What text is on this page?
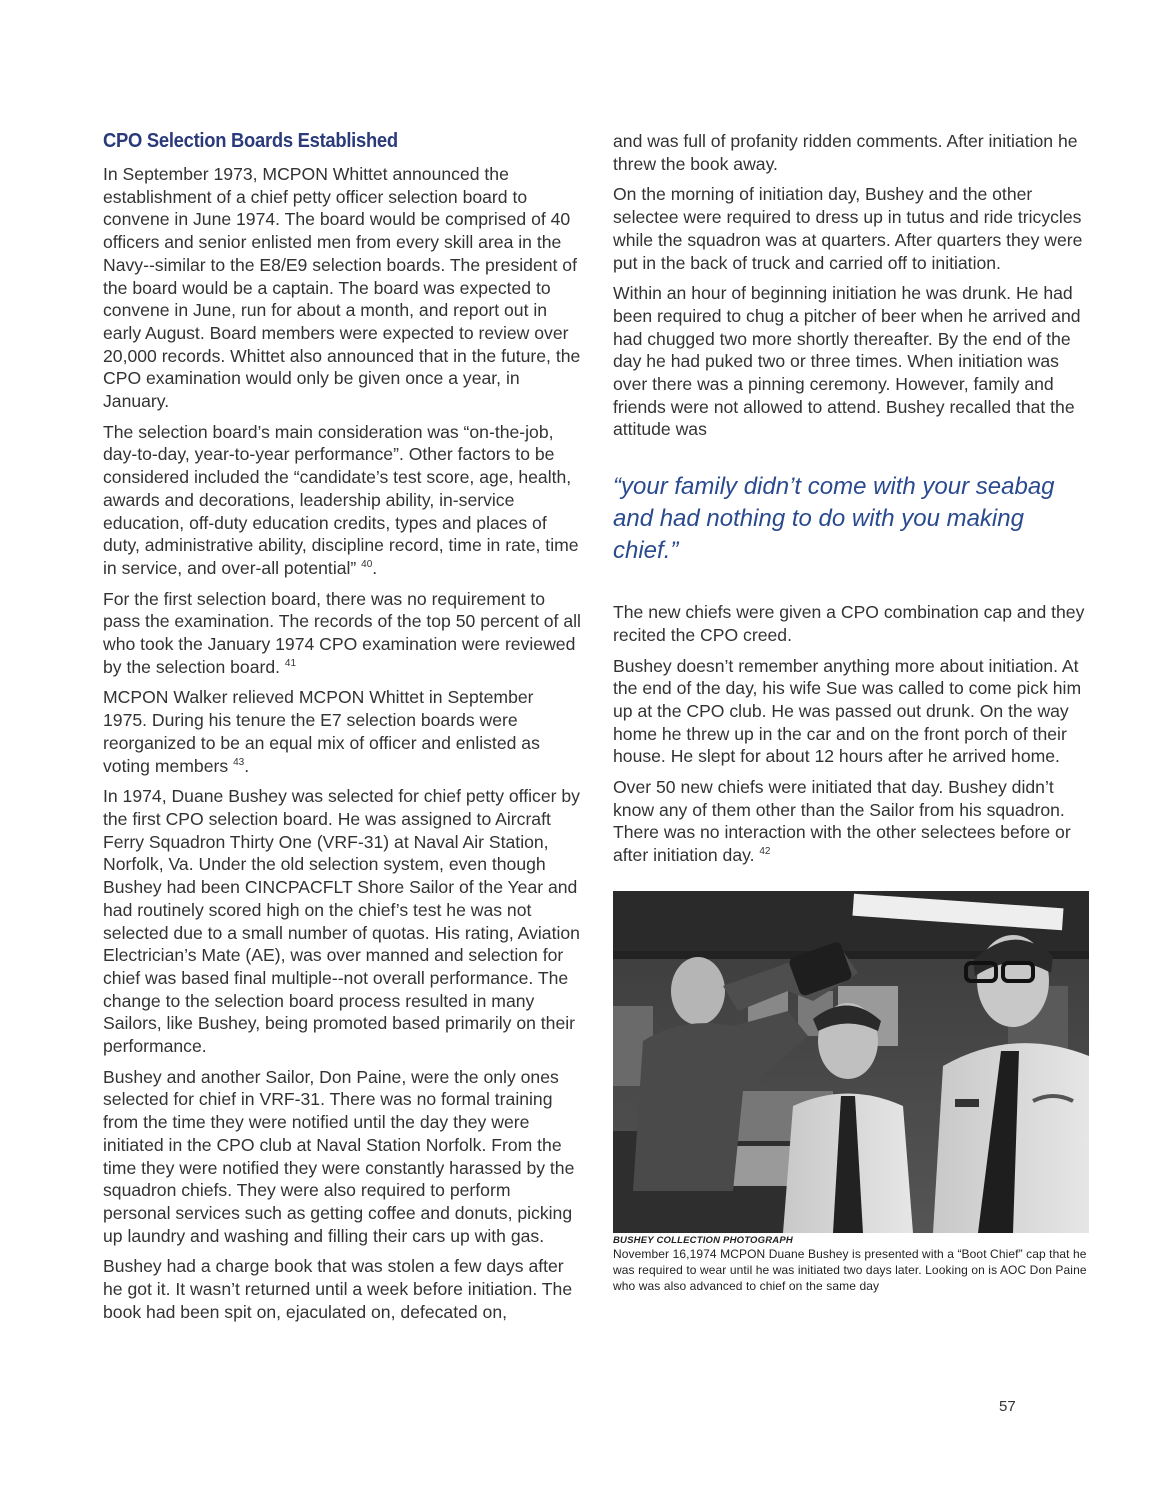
CPO Selection Boards Established

In September 1973, MCPON Whittet announced the establishment of a chief petty officer selection board to convene in June 1974. The board would be comprised of 40 officers and senior enlisted men from every skill area in the Navy--similar to the E8/E9 selection boards. The president of the board would be a captain. The board was expected to convene in June, run for about a month, and report out in early August. Board members were expected to review over 20,000 records. Whittet also announced that in the future, the CPO examination would only be given once a year, in January.

The selection board’s main consideration was “on-the-job, day-to-day, year-to-year performance”. Other factors to be considered included the “candidate’s test score, age, health, awards and decorations, leadership ability, in-service education, off-duty education credits, types and places of duty, administrative ability, discipline record, time in rate, time in service, and over-all potential” $^{40}$.

For the first selection board, there was no requirement to pass the examination. The records of the top 50 percent of all who took the January 1974 CPO examination were reviewed by the selection board. $^{41}$

MCPON Walker relieved MCPON Whittet in September 1975. During his tenure the E7 selection boards were reorganized to be an equal mix of officer and enlisted as voting members $^{43}$.

In 1974, Duane Bushey was selected for chief petty officer by the first CPO selection board. He was assigned to Aircraft Ferry Squadron Thirty One (VRF-31) at Naval Air Station, Norfolk, Va. Under the old selection system, even though Bushey had been CINCPACFLT Shore Sailor of the Year and had routinely scored high on the chief’s test he was not selected due to a small number of quotas. His rating, Aviation Electrician’s Mate (AE), was over manned and selection for chief was based final multiple--not overall performance. The change to the selection board process resulted in many Sailors, like Bushey, being promoted based primarily on their performance.

Bushey and another Sailor, Don Paine, were the only ones selected for chief in VRF-31. There was no formal training from the time they were notified until the day they were initiated in the CPO club at Naval Station Norfolk. From the time they were notified they were constantly harassed by the squadron chiefs. They were also required to perform personal services such as getting coffee and donuts, picking up laundry and washing and filling their cars up with gas.

Bushey had a charge book that was stolen a few days after he got it. It wasn’t returned until a week before initiation. The book had been spit on, ejaculated on, defecated on,

and was full of profanity ridden comments. After initiation he threw the book away.

On the morning of initiation day, Bushey and the other selectee were required to dress up in tutus and ride tricycles while the squadron was at quarters. After quarters they were put in the back of truck and carried off to initiation.

Within an hour of beginning initiation he was drunk. He had been required to chug a pitcher of beer when he arrived and had chugged two more shortly thereafter. By the end of the day he had puked two or three times. When initiation was over there was a pinning ceremony. However, family and friends were not allowed to attend. Bushey recalled that the attitude was

“your family didn’t come with your seabag and had nothing to do with you making chief.”

The new chiefs were given a CPO combination cap and they recited the CPO creed.

Bushey doesn’t remember anything more about initiation. At the end of the day, his wife Sue was called to come pick him up at the CPO club. He was passed out drunk. On the way home he threw up in the car and on the front porch of their house. He slept for about 12 hours after he arrived home.

Over 50 new chiefs were initiated that day. Bushey didn’t know any of them other than the Sailor from his squadron. There was no interaction with the other selectees before or after initiation day. $^{42}$

BUSHEY COLLECTION PHOTOGRAPH

November 16,1974 MCPON Duane Bushey is presented with a “Boot Chief” cap that he was required to wear until he was initiated two days later. Looking on is AOC Don Paine who was also advanced to chief on the same day

57
